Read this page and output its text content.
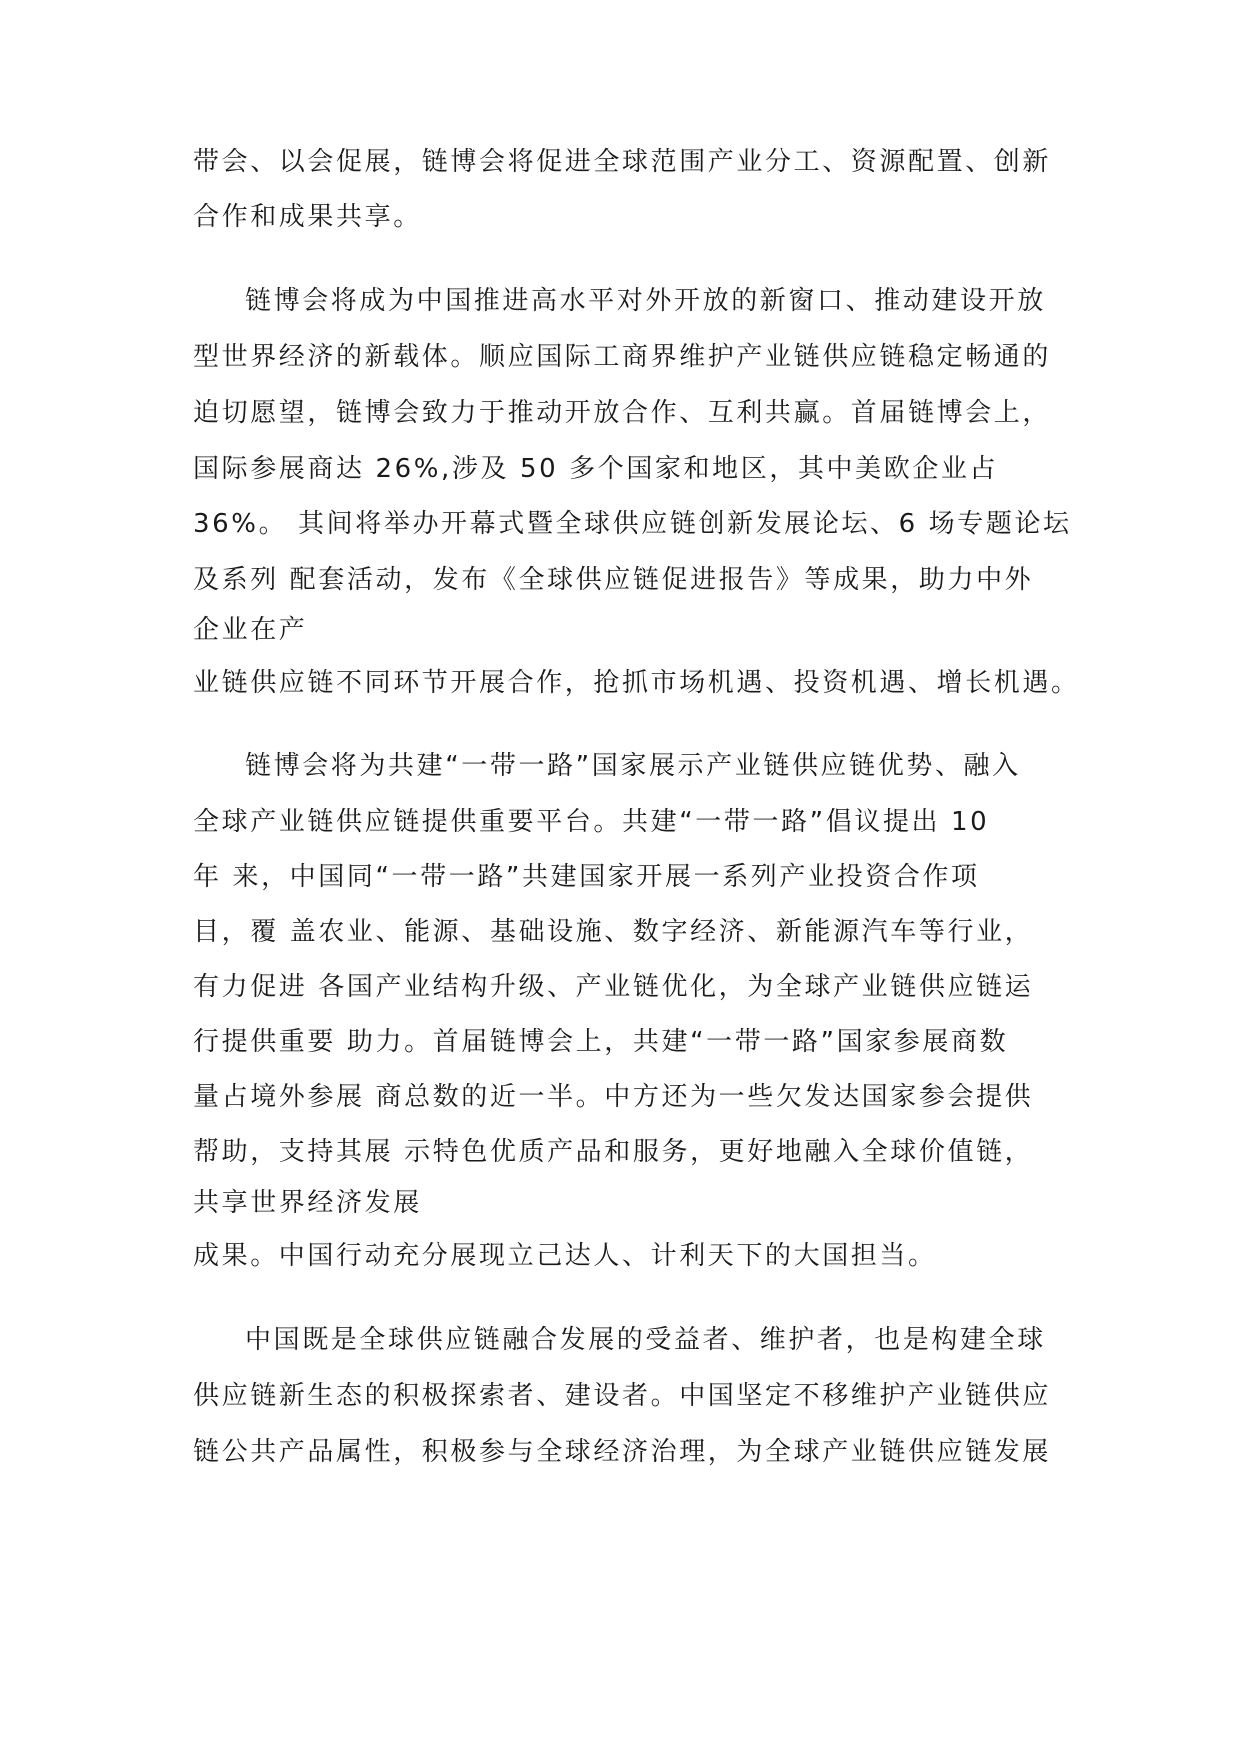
带会、以会促展，链博会将促进全球范围产业分工、资源配置、创新
合作和成果共享。
链博会将成为中国推进高水平对外开放的新窗口、推动建设开放
型世界经济的新载体。顺应国际工商界维护产业链供应链稳定畅通的
迫切愿望，链博会致力于推动开放合作、互利共赢。首届链博会上，
国际参展商达 26%,涉及 50 多个国家和地区，其中美欧企业占
36%。 其间将举办开幕式暨全球供应链创新发展论坛、6 场专题论坛
及系列 配套活动，发布《全球供应链促进报告》等成果，助力中外
企业在产
业链供应链不同环节开展合作，抢抓市场机遇、投资机遇、增长机遇。
链博会将为共建“一带一路”国家展示产业链供应链优势、融入
全球产业链供应链提供重要平台。共建“一带一路”倡议提出 10
年 来，中国同“一带一路”共建国家开展一系列产业投资合作项
目，覆 盖农业、能源、基础设施、数字经济、新能源汽车等行业，
有力促进 各国产业结构升级、产业链优化，为全球产业链供应链运
行提供重要 助力。首届链博会上，共建“一带一路”国家参展商数
量占境外参展 商总数的近一半。中方还为一些欠发达国家参会提供
帮助，支持其展 示特色优质产品和服务，更好地融入全球价值链，
共享世界经济发展
成果。中国行动充分展现立己达人、计利天下的大国担当。
中国既是全球供应链融合发展的受益者、维护者，也是构建全球
供应链新生态的积极探索者、建设者。中国坚定不移维护产业链供应
链公共产品属性，积极参与全球经济治理，为全球产业链供应链发展
